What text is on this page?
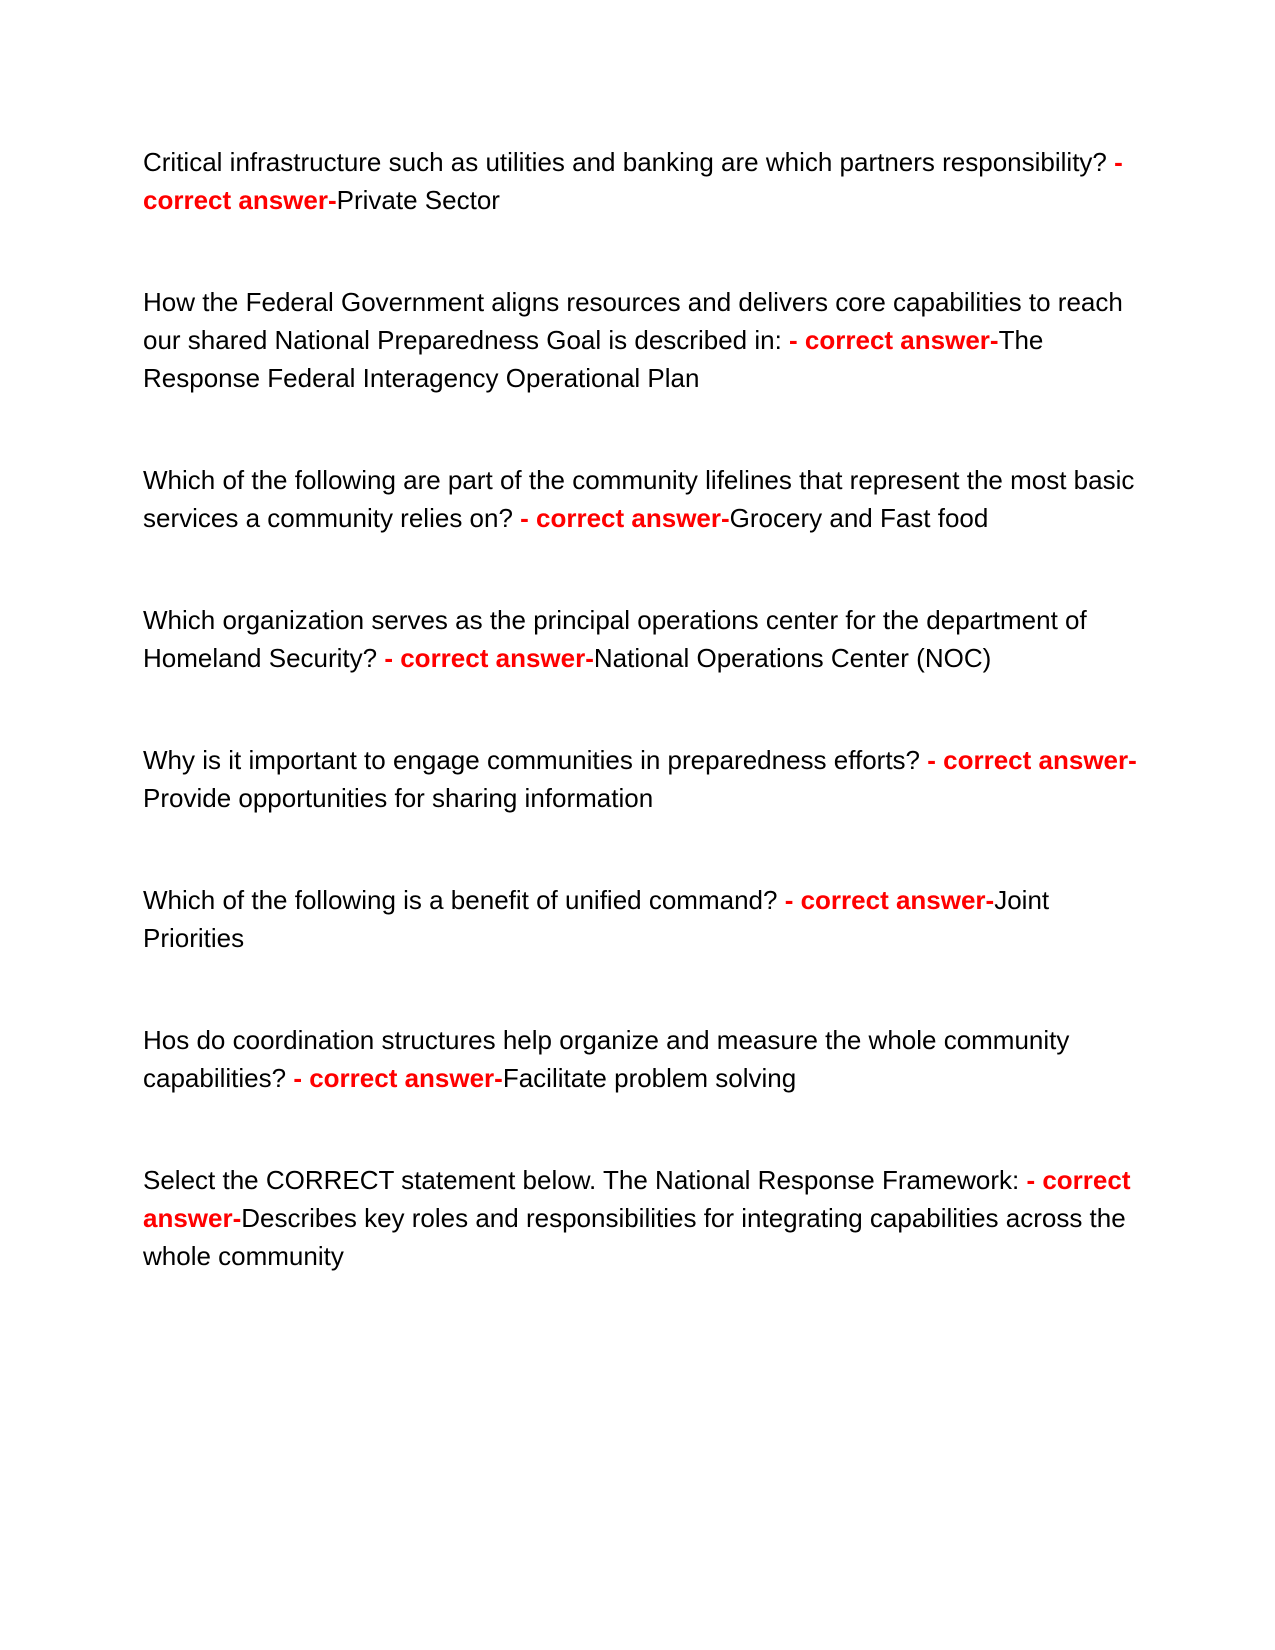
Critical infrastructure such as utilities and banking are which partners responsibility? - correct answer-Private Sector

How the Federal Government aligns resources and delivers core capabilities to reach our shared National Preparedness Goal is described in: - correct answer-The Response Federal Interagency Operational Plan

Which of the following are part of the community lifelines that represent the most basic services a community relies on? - correct answer-Grocery and Fast food

Which organization serves as the principal operations center for the department of Homeland Security? - correct answer-National Operations Center (NOC)

Why is it important to engage communities in preparedness efforts? - correct answer-Provide opportunities for sharing information

Which of the following is a benefit of unified command? - correct answer-Joint Priorities

Hos do coordination structures help organize and measure the whole community capabilities? - correct answer-Facilitate problem solving

Select the CORRECT statement below. The National Response Framework: - correct answer-Describes key roles and responsibilities for integrating capabilities across the whole community
